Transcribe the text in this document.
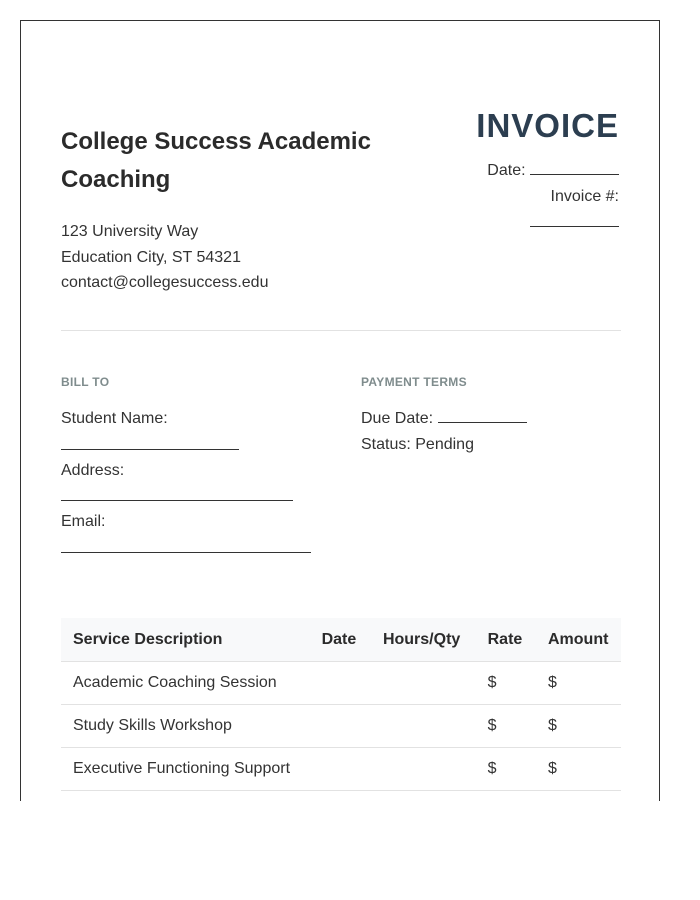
College Success Academic Coaching
123 University Way
Education City, ST 54321
contact@collegesuccess.edu
INVOICE
Date:
Invoice #:
BILL TO
Student Name:
Address:
Email:
PAYMENT TERMS
Due Date:
Status: Pending
Service Description	Date	Hours/Qty	Rate	Amount
Academic Coaching Session			$	$
Study Skills Workshop			$	$
Executive Functioning Support			$	$
